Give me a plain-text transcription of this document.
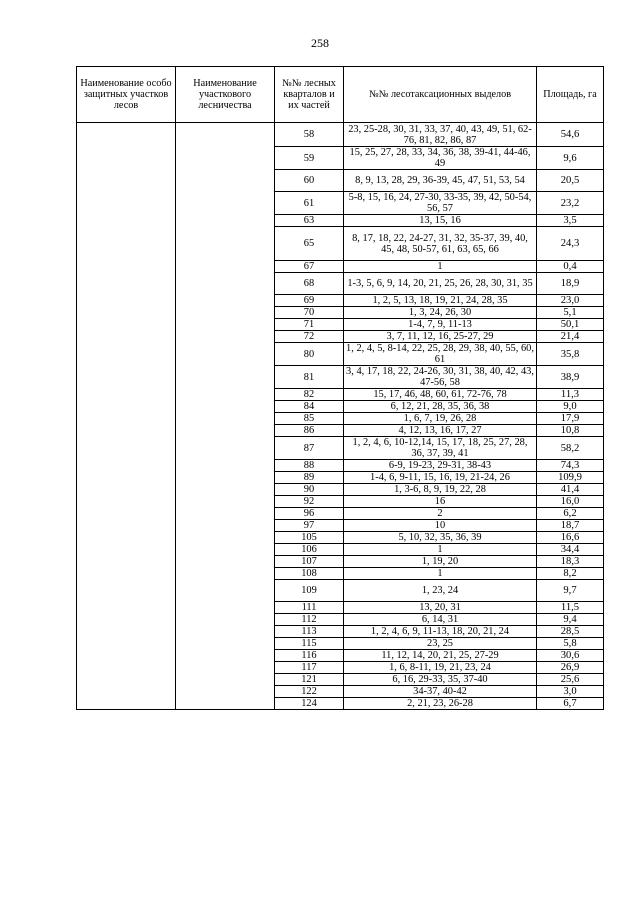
258
Наименование особо защитных участков лесов	Наименование участкового лесничества	№№ лесных кварталов и их частей	№№ лесотаксационных выделов	Площадь, га
		58	23, 25-28, 30, 31, 33, 37, 40, 43, 49, 51, 62-76, 81, 82, 86, 87	54,6
		59	15, 25, 27, 28, 33, 34, 36, 38, 39-41, 44-46, 49	9,6
		60	8, 9, 13, 28, 29, 36-39, 45, 47, 51, 53, 54	20,5
		61	5-8, 15, 16, 24, 27-30, 33-35, 39, 42, 50-54, 56, 57	23,2
		63	13, 15, 16	3,5
		65	8, 17, 18, 22, 24-27, 31, 32, 35-37, 39, 40, 45, 48, 50-57, 61, 63, 65, 66	24,3
		67	1	0,4
		68	1-3, 5, 6, 9, 14, 20, 21, 25, 26, 28, 30, 31, 35	18,9
		69	1, 2, 5, 13, 18, 19, 21, 24, 28, 35	23,0
		70	1, 3, 24, 26, 30	5,1
		71	1-4, 7, 9, 11-13	50,1
		72	3, 7, 11, 12, 16, 25-27, 29	21,4
		80	1, 2, 4, 5, 8-14, 22, 25, 28, 29, 38, 40, 55, 60, 61	35,8
		81	3, 4, 17, 18, 22, 24-26, 30, 31, 38, 40, 42, 43, 47-56, 58	38,9
		82	15, 17, 46, 48, 60, 61, 72-76, 78	11,3
		84	6, 12, 21, 28, 35, 36, 38	9,0
		85	1, 6, 7, 19, 26, 28	17,9
		86	4, 12, 13, 16, 17, 27	10,8
		87	1, 2, 4, 6, 10-12,14, 15, 17, 18, 25, 27, 28, 36, 37, 39, 41	58,2
		88	6-9, 19-23, 29-31, 38-43	74,3
		89	1-4, 6, 9-11, 15, 16, 19, 21-24, 26	109,9
		90	1, 3-6, 8, 9, 19, 22, 28	41,4
		92	16	16,0
		96	2	6,2
		97	10	18,7
		105	5, 10, 32, 35, 36, 39	16,6
		106	1	34,4
		107	1, 19, 20	18,3
		108	1	8,2
		109	1, 23, 24	9,7
		111	13, 20, 31	11,5
		112	6, 14, 31	9,4
		113	1, 2, 4, 6, 9, 11-13, 18, 20, 21, 24	28,5
		115	23, 25	5,8
		116	11, 12, 14, 20, 21, 25, 27-29	30,6
		117	1, 6, 8-11, 19, 21, 23, 24	26,9
		121	6, 16, 29-33, 35, 37-40	25,6
		122	34-37, 40-42	3,0
		124	2, 21, 23, 26-28	6,7
